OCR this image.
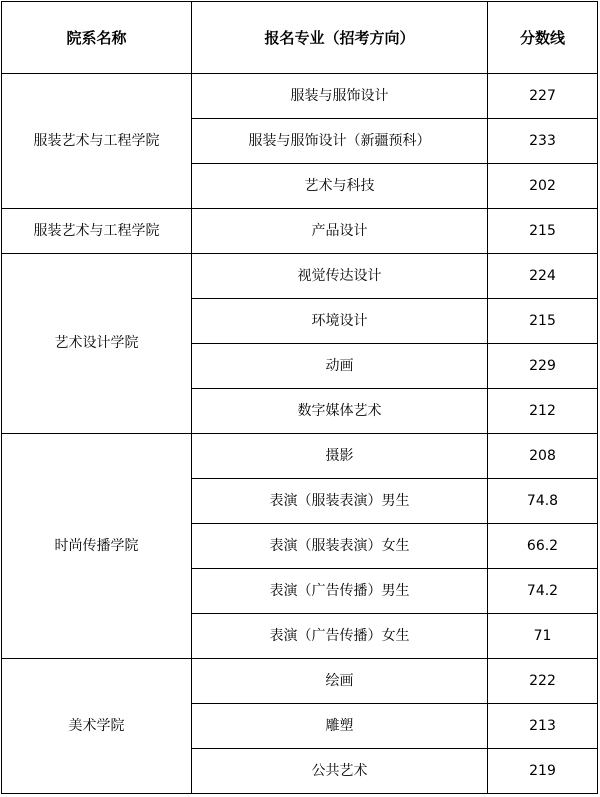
院系名称	报名专业（招考方向）	分数线
服装艺术与工程学院	服装与服饰设计	227
	服装与服饰设计（新疆预科）	233
	艺术与科技	202
服装艺术与工程学院	产品设计	215
艺术设计学院	视觉传达设计	224
	环境设计	215
	动画	229
	数字媒体艺术	212
时尚传播学院	摄影	208
	表演（服装表演）男生	74.8
	表演（服装表演）女生	66.2
	表演（广告传播）男生	74.2
	表演（广告传播）女生	71
美术学院	绘画	222
	雕塑	213
	公共艺术	219
